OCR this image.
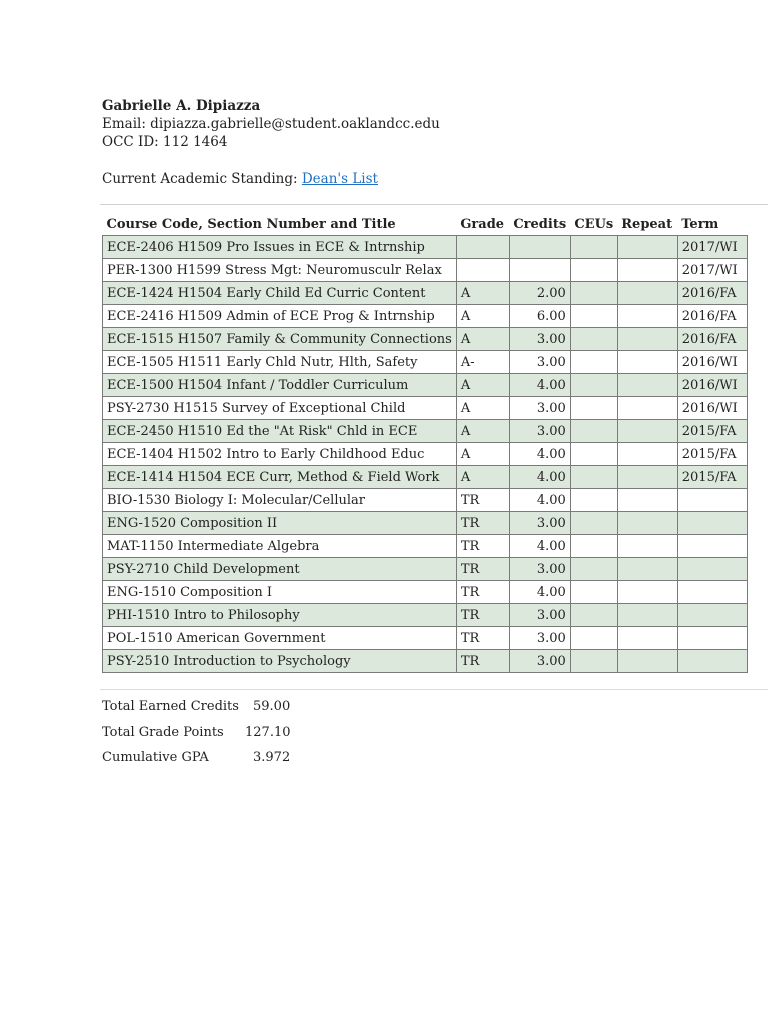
Gabrielle A. Dipiazza
Email: dipiazza.gabrielle@student.oaklandcc.edu
OCC ID: 112 1464
Current Academic Standing: Dean's List
Course Code, Section Number and Title	Grade	Credits	CEUs	Repeat	Term
ECE-2406 H1509 Pro Issues in ECE & Intrnship					2017/WI
PER-1300 H1599 Stress Mgt: Neuromusculr Relax					2017/WI
ECE-1424 H1504 Early Child Ed Curric Content	A	2.00			2016/FA
ECE-2416 H1509 Admin of ECE Prog & Intrnship	A	6.00			2016/FA
ECE-1515 H1507 Family & Community Connections	A	3.00			2016/FA
ECE-1505 H1511 Early Chld Nutr, Hlth, Safety	A-	3.00			2016/WI
ECE-1500 H1504 Infant / Toddler Curriculum	A	4.00			2016/WI
PSY-2730 H1515 Survey of Exceptional Child	A	3.00			2016/WI
ECE-2450 H1510 Ed the "At Risk" Chld in ECE	A	3.00			2015/FA
ECE-1404 H1502 Intro to Early Childhood Educ	A	4.00			2015/FA
ECE-1414 H1504 ECE Curr, Method & Field Work	A	4.00			2015/FA
BIO-1530 Biology I: Molecular/Cellular	TR	4.00			
ENG-1520 Composition II	TR	3.00			
MAT-1150 Intermediate Algebra	TR	4.00			
PSY-2710 Child Development	TR	3.00			
ENG-1510 Composition I	TR	4.00			
PHI-1510 Intro to Philosophy	TR	3.00			
POL-1510 American Government	TR	3.00			
PSY-2510 Introduction to Psychology	TR	3.00			
Total Earned Credits 59.00
Total Grade Points 127.10
Cumulative GPA	3.972
